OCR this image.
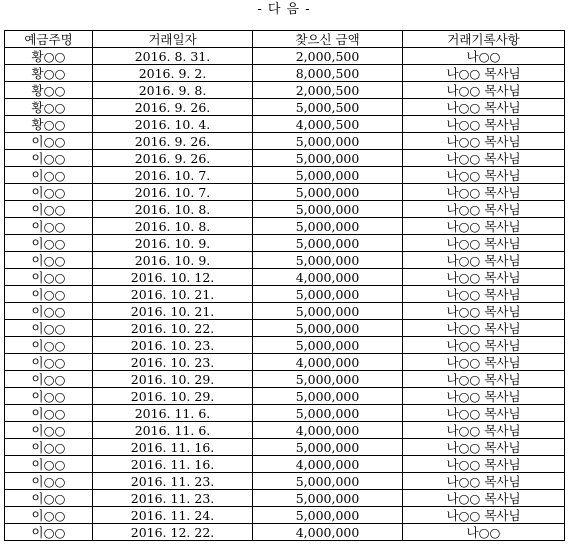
- 다 음 -
예금주명	거래일자	찾으신 금액	거래기록사항
황○○	2016. 8. 31.	2,000,500	나○○
황○○	2016. 9. 2.	8,000,500	나○○ 목사님
황○○	2016. 9. 8.	2,000,500	나○○ 목사님
황○○	2016. 9. 26.	5,000,500	나○○ 목사님
황○○	2016. 10. 4.	4,000,500	나○○ 목사님
이○○	2016. 9. 26.	5,000,000	나○○ 목사님
이○○	2016. 9. 26.	5,000,000	나○○ 목사님
이○○	2016. 10. 7.	5,000,000	나○○ 목사님
이○○	2016. 10. 7.	5,000,000	나○○ 목사님
이○○	2016. 10. 8.	5,000,000	나○○ 목사님
이○○	2016. 10. 8.	5,000,000	나○○ 목사님
이○○	2016. 10. 9.	5,000,000	나○○ 목사님
이○○	2016. 10. 9.	5,000,000	나○○ 목사님
이○○	2016. 10. 12.	4,000,000	나○○ 목사님
이○○	2016. 10. 21.	5,000,000	나○○ 목사님
이○○	2016. 10. 21.	5,000,000	나○○ 목사님
이○○	2016. 10. 22.	5,000,000	나○○ 목사님
이○○	2016. 10. 23.	5,000,000	나○○ 목사님
이○○	2016. 10. 23.	4,000,000	나○○ 목사님
이○○	2016. 10. 29.	5,000,000	나○○ 목사님
이○○	2016. 10. 29.	5,000,000	나○○ 목사님
이○○	2016. 11. 6.	5,000,000	나○○ 목사님
이○○	2016. 11. 6.	4,000,000	나○○ 목사님
이○○	2016. 11. 16.	5,000,000	나○○ 목사님
이○○	2016. 11. 16.	4,000,000	나○○ 목사님
이○○	2016. 11. 23.	5,000,000	나○○ 목사님
이○○	2016. 11. 23.	5,000,000	나○○ 목사님
이○○	2016. 11. 24.	5,000,000	나○○ 목사님
이○○	2016. 12. 22.	4,000,000	나○○
